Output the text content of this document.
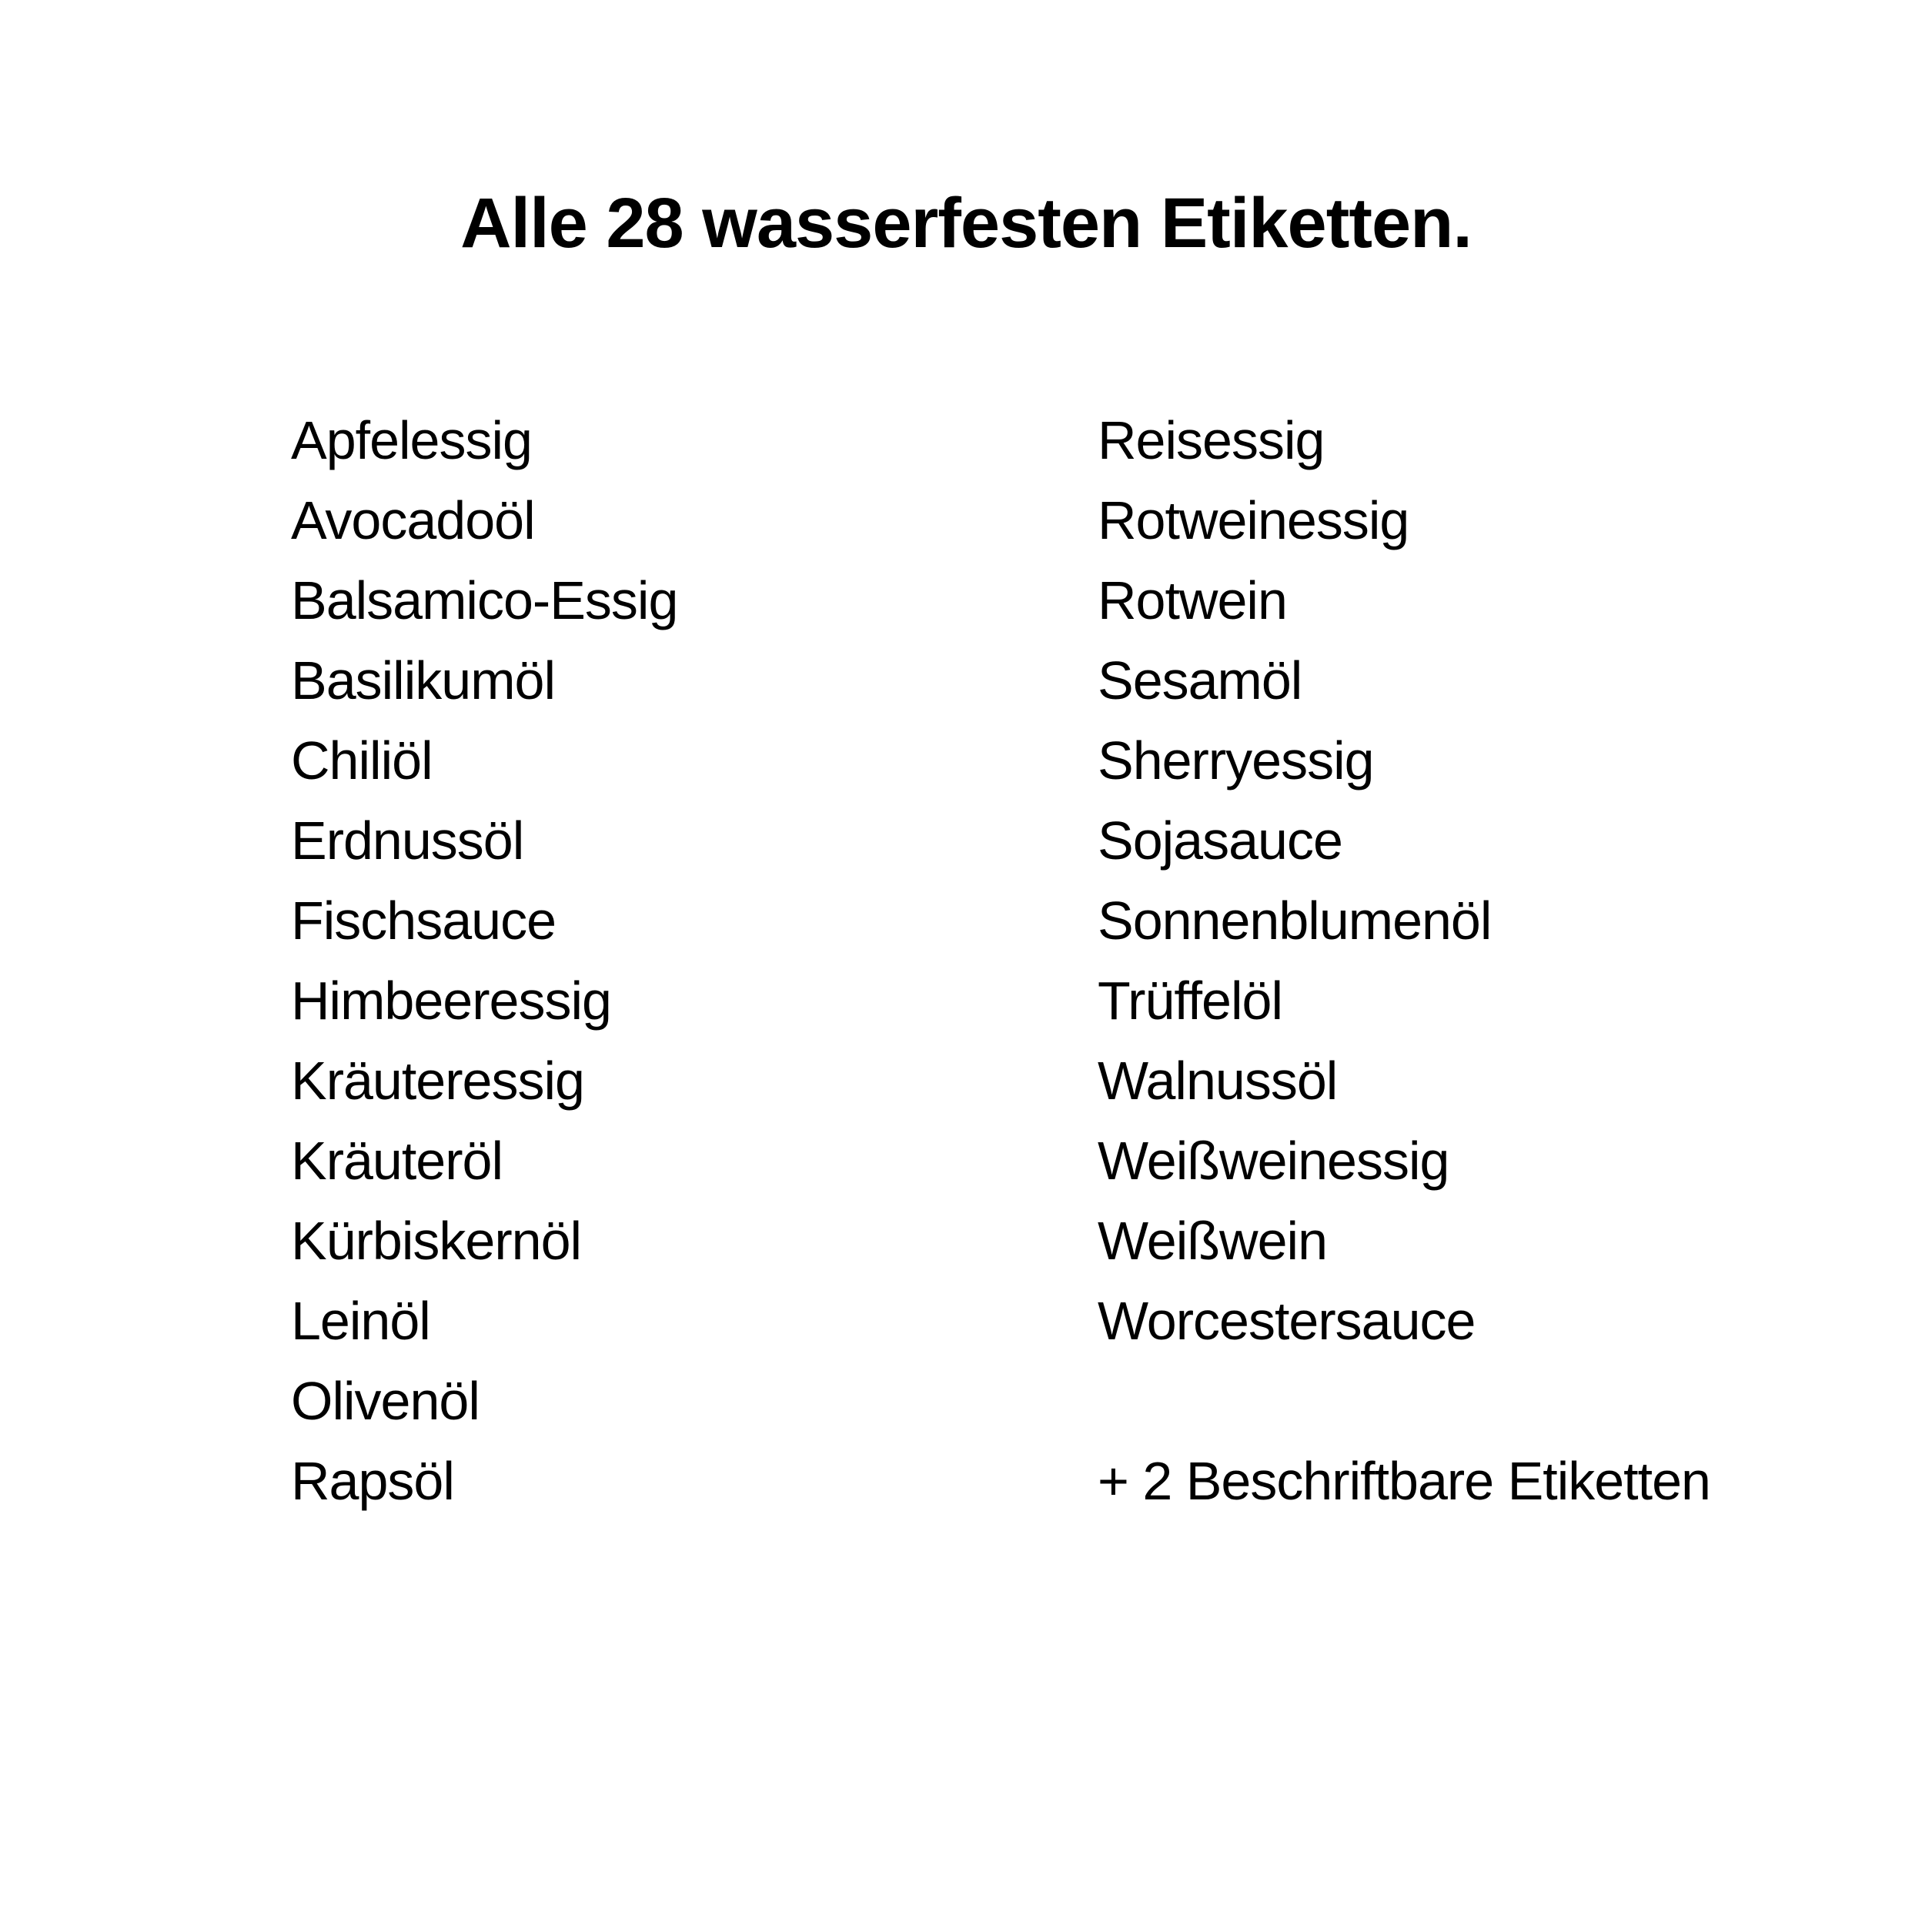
Alle 28 wasserfesten Etiketten.
Apfelessig
Avocadoöl
Balsamico-Essig
Basilikumöl
Chiliöl
Erdnussöl
Fischsauce
Himbeeressig
Kräuteressig
Kräuteröl
Kürbiskernöl
Leinöl
Olivenöl
Rapsöl
Reisessig
Rotweinessig
Rotwein
Sesamöl
Sherryessig
Sojasauce
Sonnenblumenöl
Trüffelöl
Walnussöl
Weißweinessig
Weißwein
Worcestersauce
+ 2 Beschriftbare Etiketten
